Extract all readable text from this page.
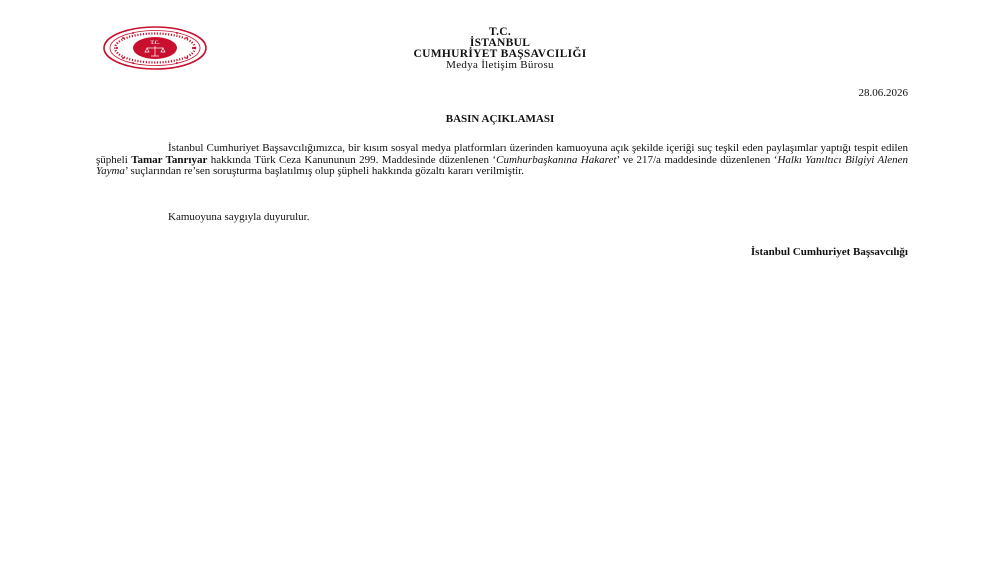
T.C.
T.C.
İSTANBUL
CUMHURİYET BAŞSAVCILIĞI
Medya İletişim Bürosu
28.06.2026
BASIN AÇIKLAMASI

İstanbul Cumhuriyet Başsavcılığımızca, bir kısım sosyal medya platformları üzerinden kamuoyuna açık şekilde içeriği suç teşkil eden paylaşımlar yaptığı tespit edilen şüpheli Tamar Tanrıyar hakkında Türk Ceza Kanununun 299. Maddesinde düzenlenen ‘Cumhurbaşkanına Hakaret’ ve 217/a maddesinde düzenlenen ‘Halkı Yanıltıcı Bilgiyi Alenen Yayma’ suçlarından re’sen soruşturma başlatılmış olup şüpheli hakkında gözaltı kararı verilmiştir.

Kamuoyuna saygıyla duyurulur.
İstanbul Cumhuriyet Başsavcılığı
